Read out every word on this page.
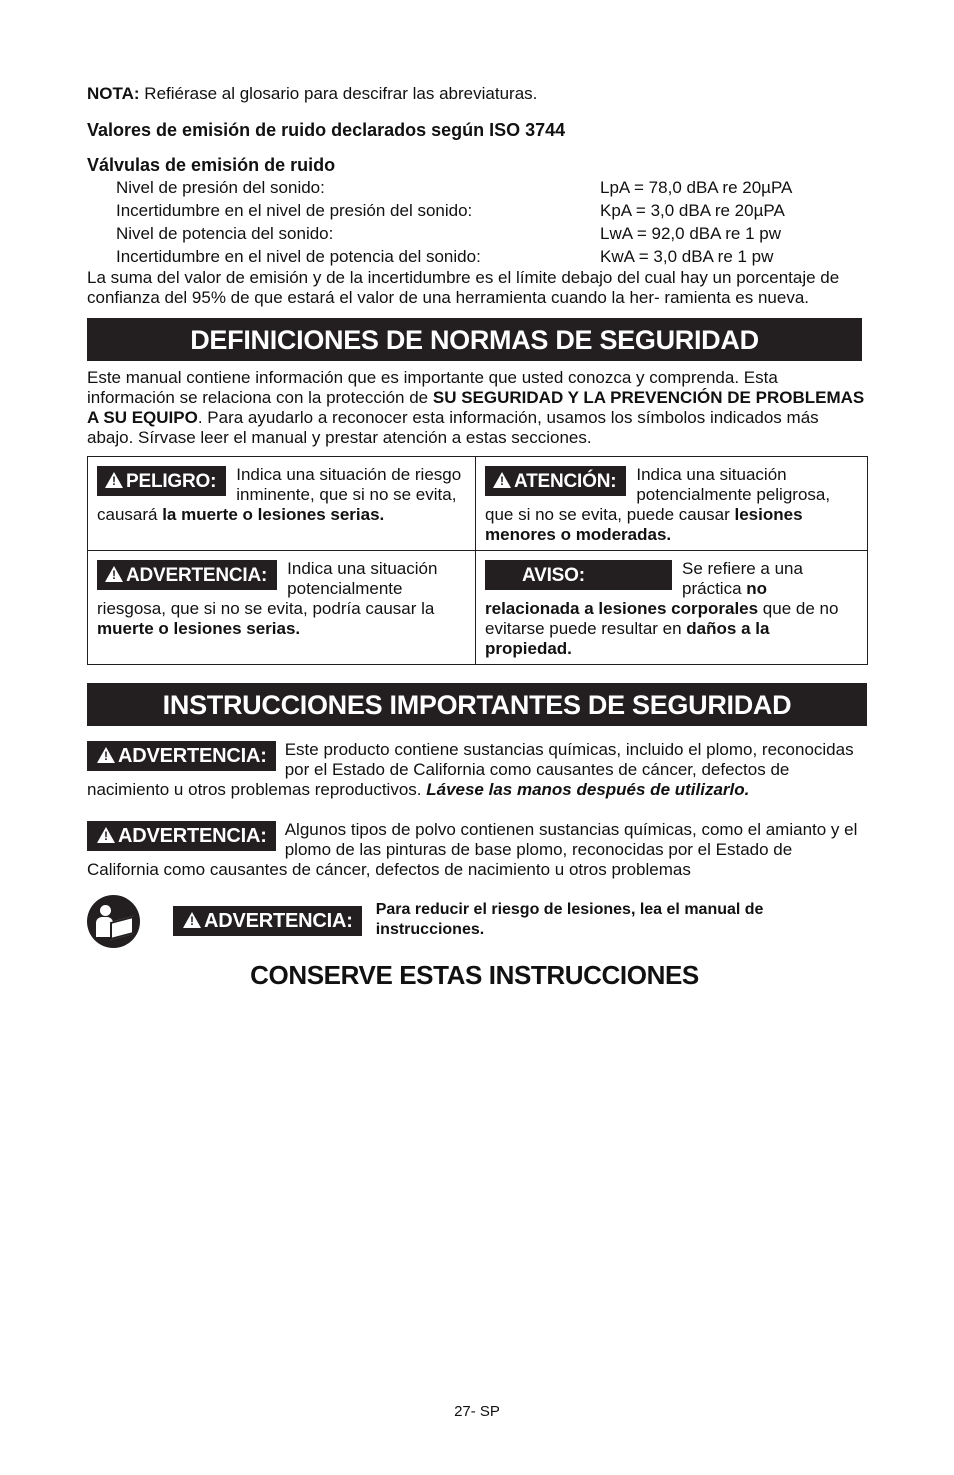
NOTA: Refiérase al glosario para descifrar las abreviaturas.

Valores de emisión de ruido declarados según ISO 3744

Válvulas de emisión de ruido

Nivel de presión del sonido:	LpA = 78,0 dBA re 20µPA
Incertidumbre en el nivel de presión del sonido:	KpA = 3,0 dBA re 20µPA
Nivel de potencia del sonido:	LwA = 92,0 dBA re 1 pw
Incertidumbre en el nivel de potencia del sonido:	KwA = 3,0 dBA re 1 pw

La suma del valor de emisión y de la incertidumbre es el límite debajo del cual hay un porcentaje de confianza del 95% de que estará el valor de una herramienta cuando la her- ramienta es nueva.

DEFINICIONES DE NORMAS DE SEGURIDAD

Este manual contiene información que es importante que usted conozca y comprenda. Esta información se relaciona con la protección de SU SEGURIDAD Y LA PREVENCIÓN DE PROBLEMAS A SU EQUIPO. Para ayudarlo a reconocer esta información, usamos los símbolos indicados más abajo. Sírvase leer el manual y prestar atención a estas secciones.

!PELIGRO:	Indica una situación de riesgo inminente, que si no se evita, causará la muerte o lesiones serias.
!ATENCIÓN:	Indica una situación potencialmente peligrosa, que si no se evita, puede causar lesiones menores o moderadas.
!ADVERTENCIA:	Indica una situación potencialmente riesgosa, que si no se evita, podría causar la muerte o lesiones serias.
AVISO:	Se refiere a una práctica no relacionada a lesiones corporales que de no evitarse puede resultar en daños a la propiedad.
INSTRUCCIONES IMPORTANTES DE SEGURIDAD
!ADVERTENCIA:	Este producto contiene sustancias químicas, incluido el plomo, reconocidas por el Estado de California como causantes de cáncer, defectos de nacimiento u otros problemas reproductivos. Lávese las manos después de utilizarlo.
!ADVERTENCIA:	Algunos tipos de polvo contienen sustancias químicas, como el amianto y el plomo de las pinturas de base plomo, reconocidas por el Estado de California como causantes de cáncer, defectos de nacimiento u otros problemas
!ADVERTENCIA:
Para reducir el riesgo de lesiones, lea el manual de instrucciones.
CONSERVE ESTAS INSTRUCCIONES
27- SP
